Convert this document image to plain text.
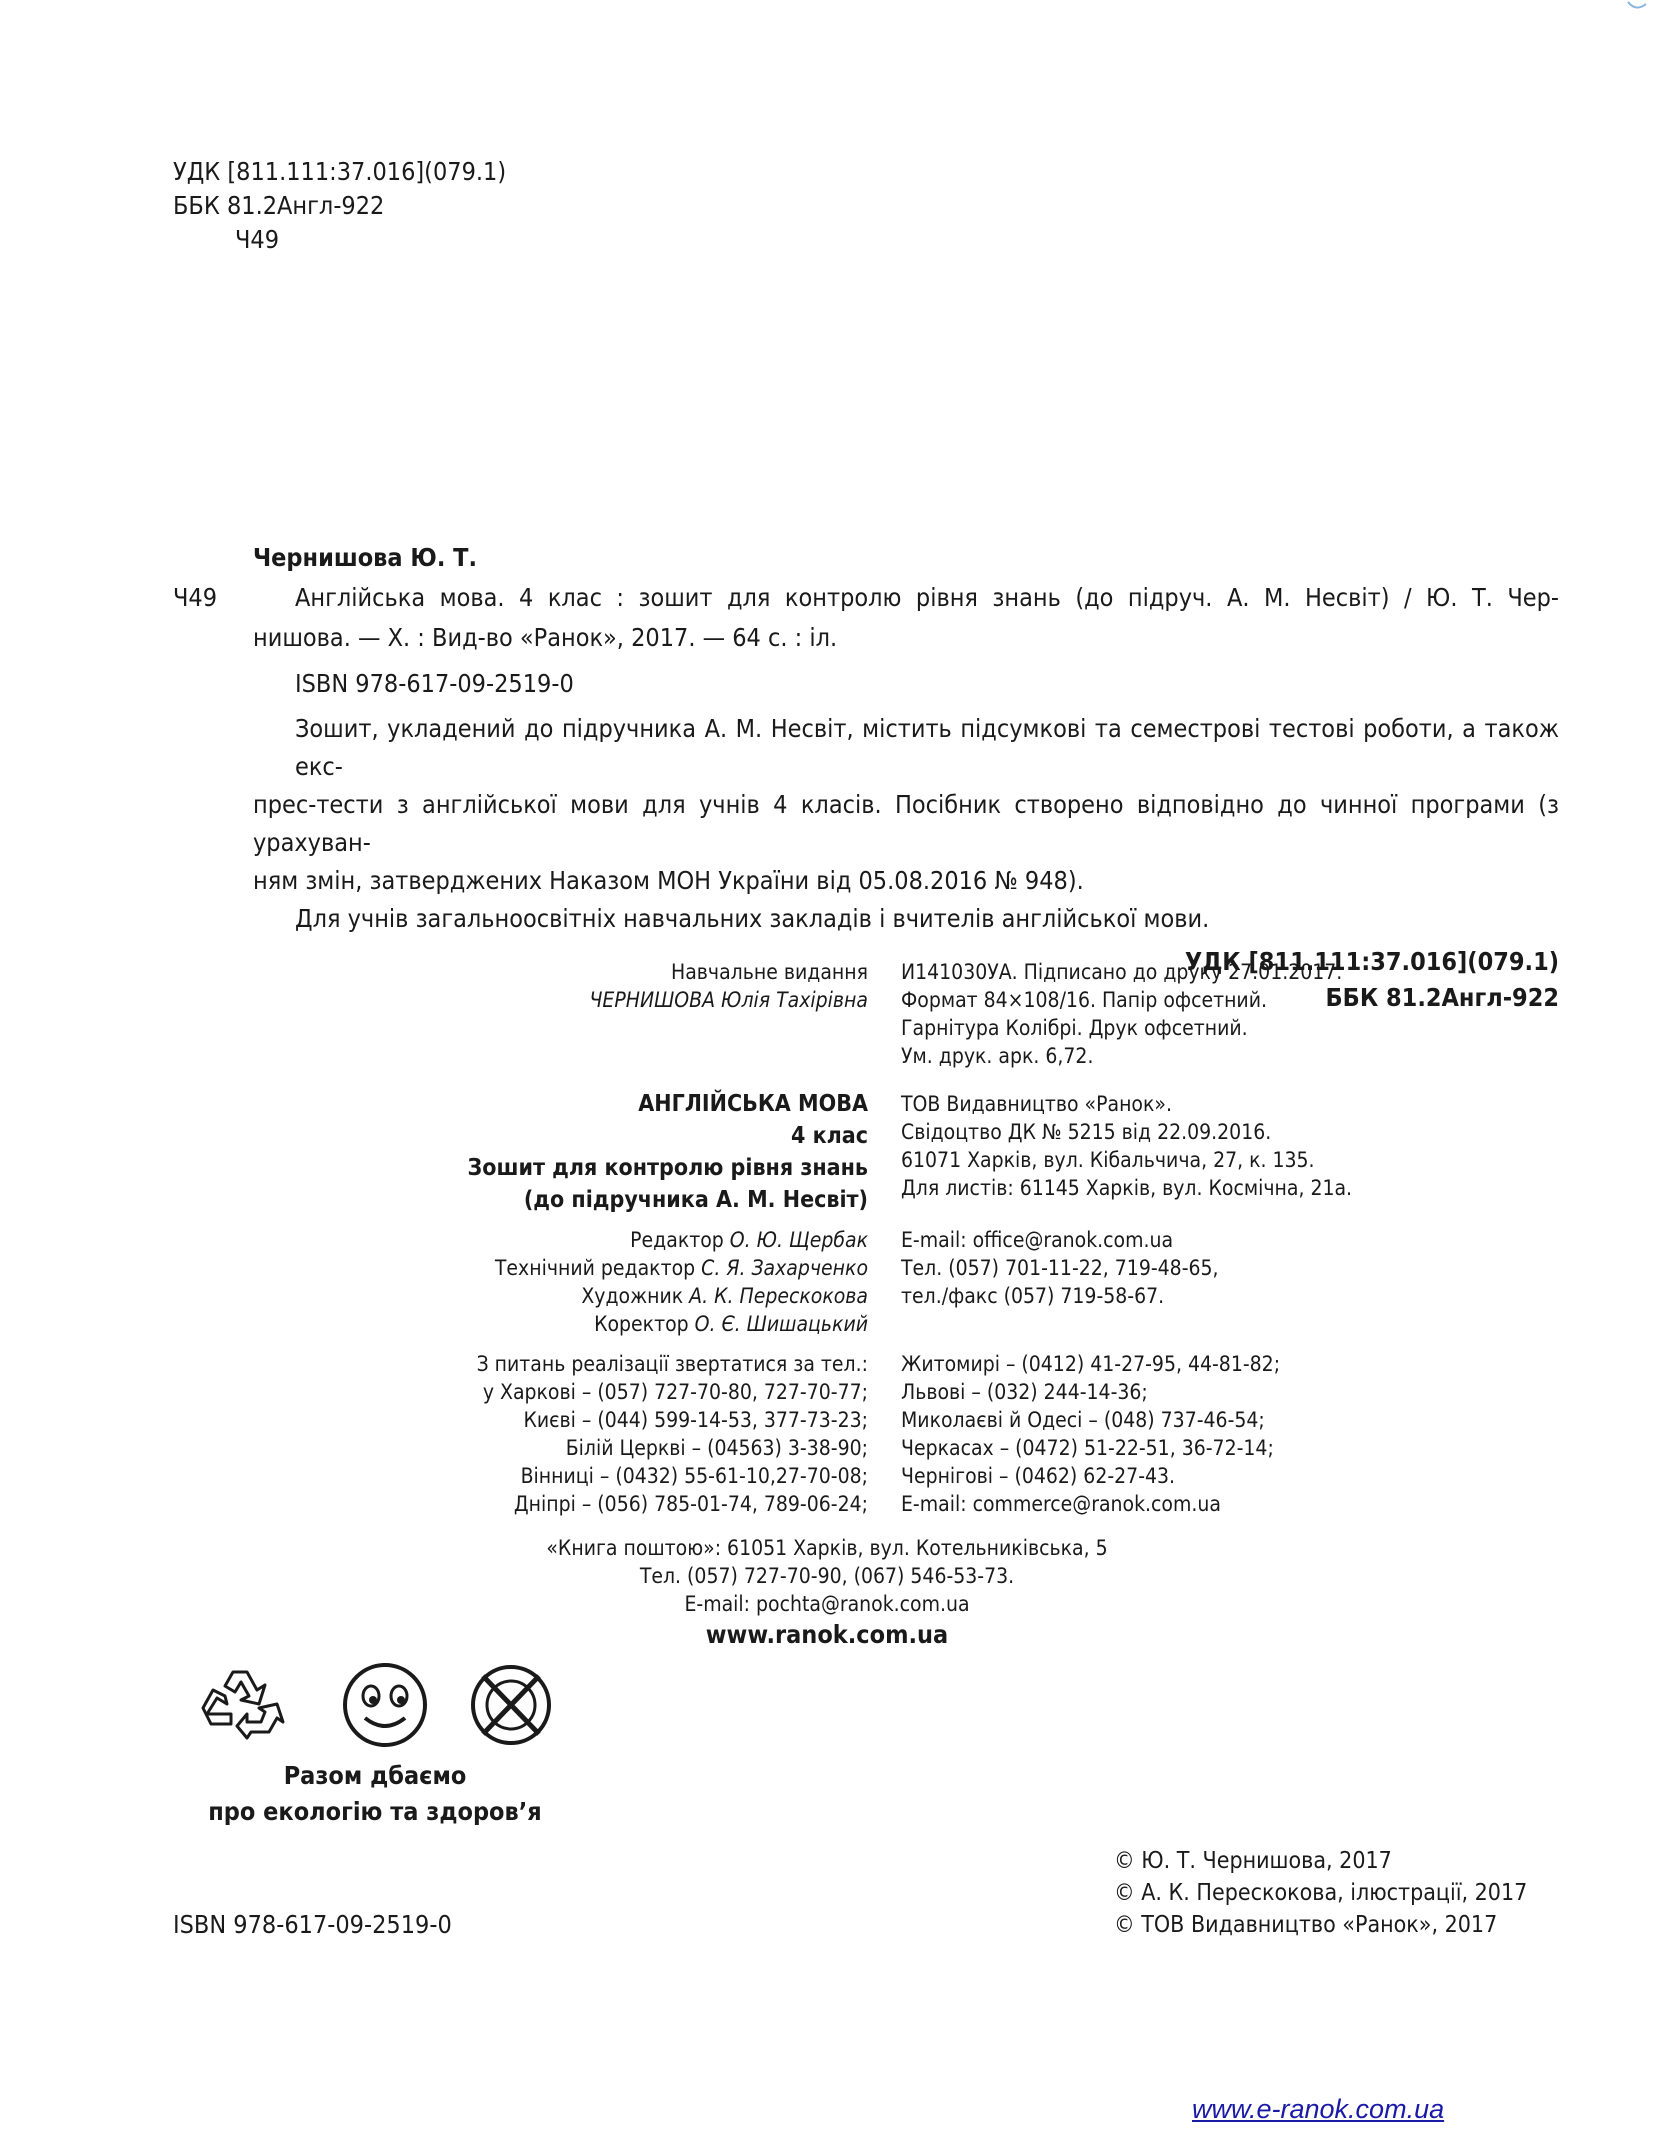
УДК [811.111:37.016](079.1)
ББК 81.2Англ-922
Ч49
Чернишова Ю. Т.
Ч49	Англійська мова. 4 клас : зошит для контролю рівня знань (до підруч. А. М. Несвіт) / Ю. Т. Чер-
нишова. — Х. : Вид-во «Ранок», 2017. — 64 с. : іл.
ISBN 978-617-09-2519-0
Зошит, укладений до підручника А. М. Несвіт, містить підсумкові та семестрові тестові роботи, а також екс-
прес-тести з англійської мови для учнів 4 класів. Посібник створено відповідно до чинної програми (з урахуван-
ням змін, затверджених Наказом МОН України від 05.08.2016 № 948).
Для учнів загальноосвітніх навчальних закладів і вчителів англійської мови.
УДК [811.111:37.016](079.1)
ББК 81.2Англ-922
Навчальне видання
ЧЕРНИШОВА Юлія Тахірівна
И141030УА. Підписано до друку 27.01.2017.
Формат 84×108/16. Папір офсетний.
Гарнітура Колібрі. Друк офсетний.
Ум. друк. арк. 6,72.
АНГЛІЙСЬКА МОВА
4 клас
Зошит для контролю рівня знань
(до підручника А. М. Несвіт)
ТОВ Видавництво «Ранок».
Свідоцтво ДК № 5215 від 22.09.2016.
61071 Харків, вул. Кібальчича, 27, к. 135.
Для листів: 61145 Харків, вул. Космічна, 21а.
Редактор О. Ю. Щербак
Технічний редактор С. Я. Захарченко
Художник А. К. Перескокова
Коректор О. Є. Шишацький
E-mail: office@ranok.com.ua
Тел. (057) 701-11-22, 719-48-65,
тел./факс (057) 719-58-67.
З питань реалізації звертатися за тел.:
у Харкові – (057) 727-70-80, 727-70-77;
Києві – (044) 599-14-53, 377-73-23;
Білій Церкві – (04563) 3-38-90;
Вінниці – (0432) 55-61-10,27-70-08;
Дніпрі – (056) 785-01-74, 789-06-24;
Житомирі – (0412) 41-27-95, 44-81-82;
Львові – (032) 244-14-36;
Миколаєві й Одесі – (048) 737-46-54;
Черкасах – (0472) 51-22-51, 36-72-14;
Чернігові – (0462) 62-27-43.
E-mail: commerce@ranok.com.ua
«Книга поштою»: 61051 Харків, вул. Котельниківська, 5
Тел. (057) 727-70-90, (067) 546-53-73.
E-mail: pochta@ranok.com.ua
www.ranok.com.ua
Разом дбаємо
про екологію та здоров’я
© Ю. Т. Чернишова, 2017
© А. К. Перескокова, ілюстрації, 2017
© ТОВ Видавництво «Ранок», 2017
ISBN 978-617-09-2519-0
www.e-ranok.com.ua
